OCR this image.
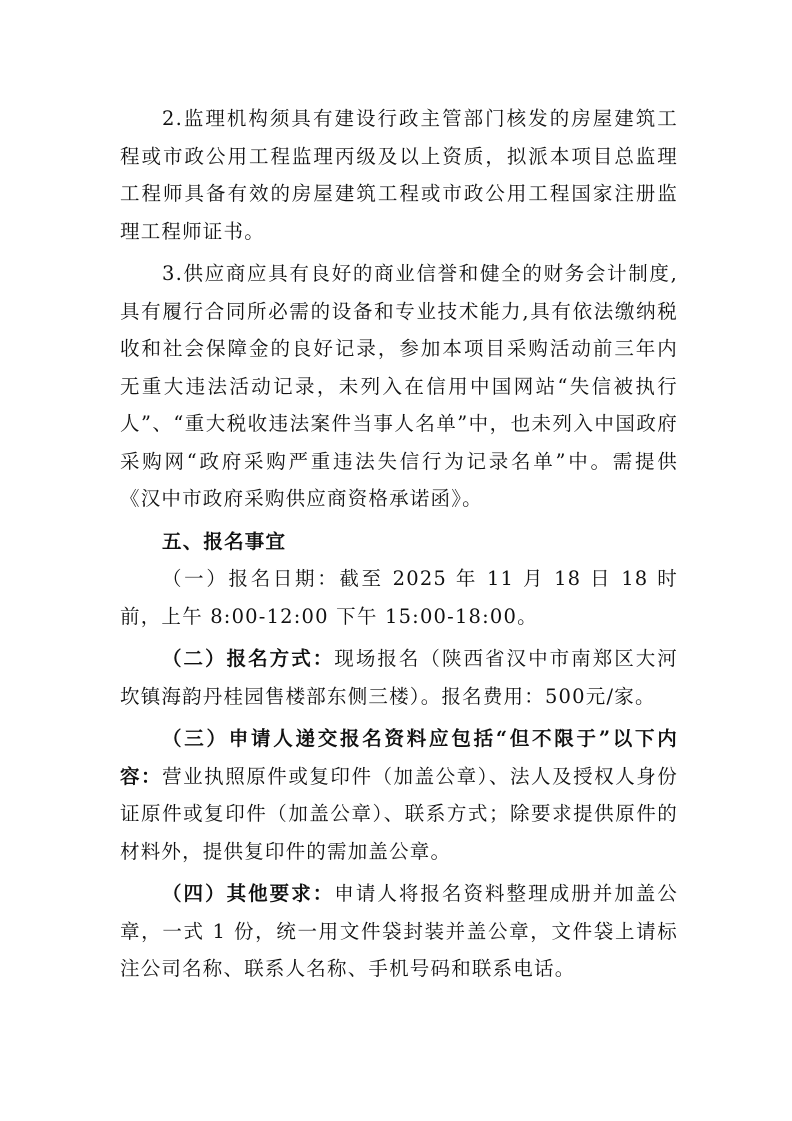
2.监理机构须具有建设行政主管部门核发的房屋建筑工程或市政公用工程监理丙级及以上资质，拟派本项目总监理工程师具备有效的房屋建筑工程或市政公用工程国家注册监理工程师证书。

3.供应商应具有良好的商业信誉和健全的财务会计制度,具有履行合同所必需的设备和专业技术能力,具有依法缴纳税收和社会保障金的良好记录，参加本项目采购活动前三年内无重大违法活动记录，未列入在信用中国网站“失信被执行人”、“重大税收违法案件当事人名单”中，也未列入中国政府采购网“政府采购严重违法失信行为记录名单”中。需提供《汉中市政府采购供应商资格承诺函》。

五、报名事宜

（一）报名日期：截至 2025 年 11 月 18 日 18 时前，上午 8:00-12:00 下午 15:00-18:00。

（二）报名方式：现场报名（陕西省汉中市南郑区大河坎镇海韵丹桂园售楼部东侧三楼）。报名费用：500元/家。

（三）申请人递交报名资料应包括“但不限于”以下内容：营业执照原件或复印件（加盖公章）、法人及授权人身份证原件或复印件（加盖公章）、联系方式；除要求提供原件的材料外，提供复印件的需加盖公章。

（四）其他要求：申请人将报名资料整理成册并加盖公章，一式 1 份，统一用文件袋封装并盖公章，文件袋上请标注公司名称、联系人名称、手机号码和联系电话。
